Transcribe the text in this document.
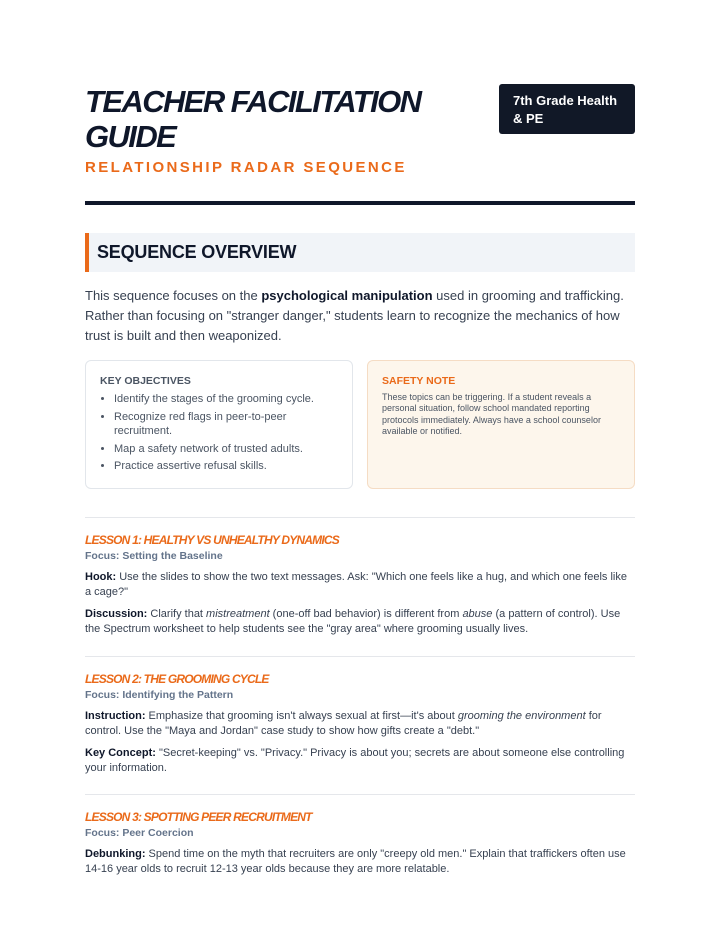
TEACHER FACILITATION GUIDE
7th Grade Health & PE
RELATIONSHIP RADAR SEQUENCE
SEQUENCE OVERVIEW

This sequence focuses on the psychological manipulation used in grooming and trafficking. Rather than focusing on "stranger danger," students learn to recognize the mechanics of how trust is built and then weaponized.

KEY OBJECTIVES
• Identify the stages of the grooming cycle.
• Recognize red flags in peer-to-peer recruitment.
• Map a safety network of trusted adults.
• Practice assertive refusal skills.
SAFETY NOTE
These topics can be triggering. If a student reveals a personal situation, follow school mandated reporting protocols immediately. Always have a school counselor available or notified.
LESSON 1: HEALTHY VS UNHEALTHY DYNAMICS
Focus: Setting the Baseline
Hook: Use the slides to show the two text messages. Ask: "Which one feels like a hug, and which one feels like a cage?"
Discussion: Clarify that mistreatment (one-off bad behavior) is different from abuse (a pattern of control). Use the Spectrum worksheet to help students see the "gray area" where grooming usually lives.
LESSON 2: THE GROOMING CYCLE
Focus: Identifying the Pattern
Instruction: Emphasize that grooming isn't always sexual at first—it's about grooming the environment for control. Use the "Maya and Jordan" case study to show how gifts create a "debt."
Key Concept: "Secret-keeping" vs. "Privacy." Privacy is about you; secrets are about someone else controlling your information.
LESSON 3: SPOTTING PEER RECRUITMENT
Focus: Peer Coercion
Debunking: Spend time on the myth that recruiters are only "creepy old men." Explain that traffickers often use 14-16 year olds to recruit 12-13 year olds because they are more relatable.
